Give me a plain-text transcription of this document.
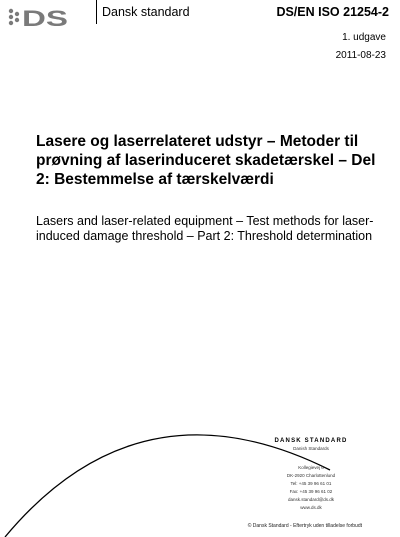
DS	Dansk standard	DS/EN ISO 21254-2
1. udgave
2011-08-23
Lasere og laserrelateret udstyr – Metoder til prøvning af laserinduceret skadetærskel – Del 2: Bestemmelse af tærskelværdi
Lasers and laser-related equipment – Test methods for laser-induced damage threshold – Part 2: Threshold determination
DANSK STANDARD
Danish Standards
Kollegievej 6
DK-2920 Charlottenlund
Tel: +45 39 96 61 01
Fax: +45 39 96 61 02
dansk.standard@ds.dk
www.ds.dk
© Dansk Standard - Eftertryk uden tilladelse forbudt
